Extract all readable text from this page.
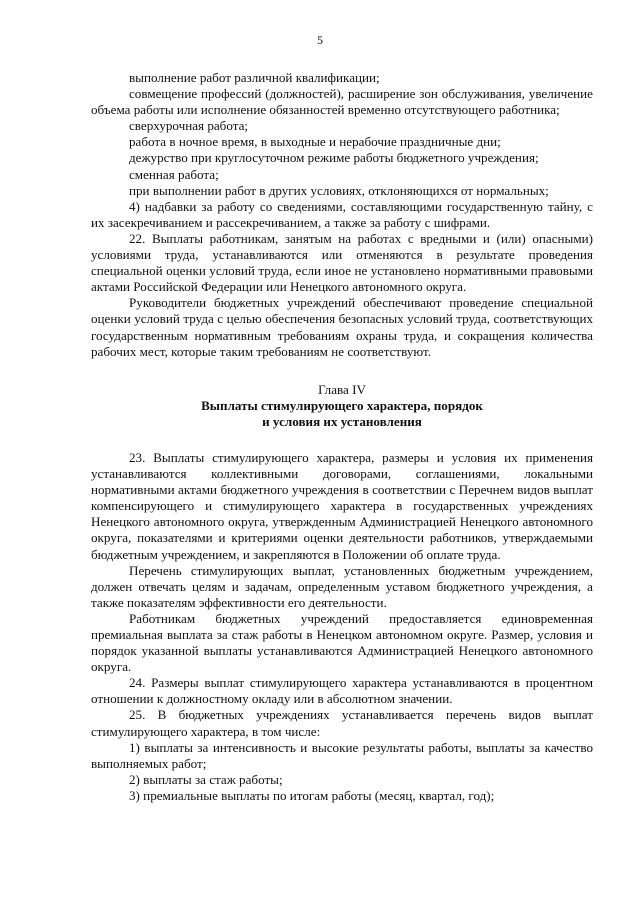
5

выполнение работ различной квалификации;

совмещение профессий (должностей), расширение зон обслуживания, увеличение объема работы или исполнение обязанностей временно отсутствующего работника;

сверхурочная работа;

работа в ночное время, в выходные и нерабочие праздничные дни;

дежурство при круглосуточном режиме работы бюджетного учреждения;

сменная работа;

при выполнении работ в других условиях, отклоняющихся от нормальных;

4) надбавки за работу со сведениями, составляющими государственную тайну, с их засекречиванием и рассекречиванием, а также за работу с шифрами.

22. Выплаты работникам, занятым на работах с вредными и (или) опасными) условиями труда, устанавливаются или отменяются в результате проведения специальной оценки условий труда, если иное не установлено нормативными правовыми актами Российской Федерации или Ненецкого автономного округа.

Руководители бюджетных учреждений обеспечивают проведение специальной оценки условий труда с целью обеспечения безопасных условий труда, соответствующих государственным нормативным требованиям охраны труда, и сокращения количества рабочих мест, которые таким требованиям не соответствуют.

Глава IV

Выплаты стимулирующего характера, порядок

и условия их установления

23. Выплаты стимулирующего характера, размеры и условия их применения устанавливаются коллективными договорами, соглашениями, локальными нормативными актами бюджетного учреждения в соответствии с Перечнем видов выплат компенсирующего и стимулирующего характера в государственных учреждениях Ненецкого автономного округа, утвержденным Администрацией Ненецкого автономного округа, показателями и критериями оценки деятельности работников, утверждаемыми бюджетным учреждением, и закрепляются в Положении об оплате труда.

Перечень стимулирующих выплат, установленных бюджетным учреждением, должен отвечать целям и задачам, определенным уставом бюджетного учреждения, а также показателям эффективности его деятельности.

Работникам бюджетных учреждений предоставляется единовременная премиальная выплата за стаж работы в Ненецком автономном округе. Размер, условия и порядок указанной выплаты устанавливаются Администрацией Ненецкого автономного округа.

24. Размеры выплат стимулирующего характера устанавливаются в процентном отношении к должностному окладу или в абсолютном значении.

25. В бюджетных учреждениях устанавливается перечень видов выплат стимулирующего характера, в том числе:

1) выплаты за интенсивность и высокие результаты работы, выплаты за качество выполняемых работ;

2) выплаты за стаж работы;

3) премиальные выплаты по итогам работы (месяц, квартал, год);
